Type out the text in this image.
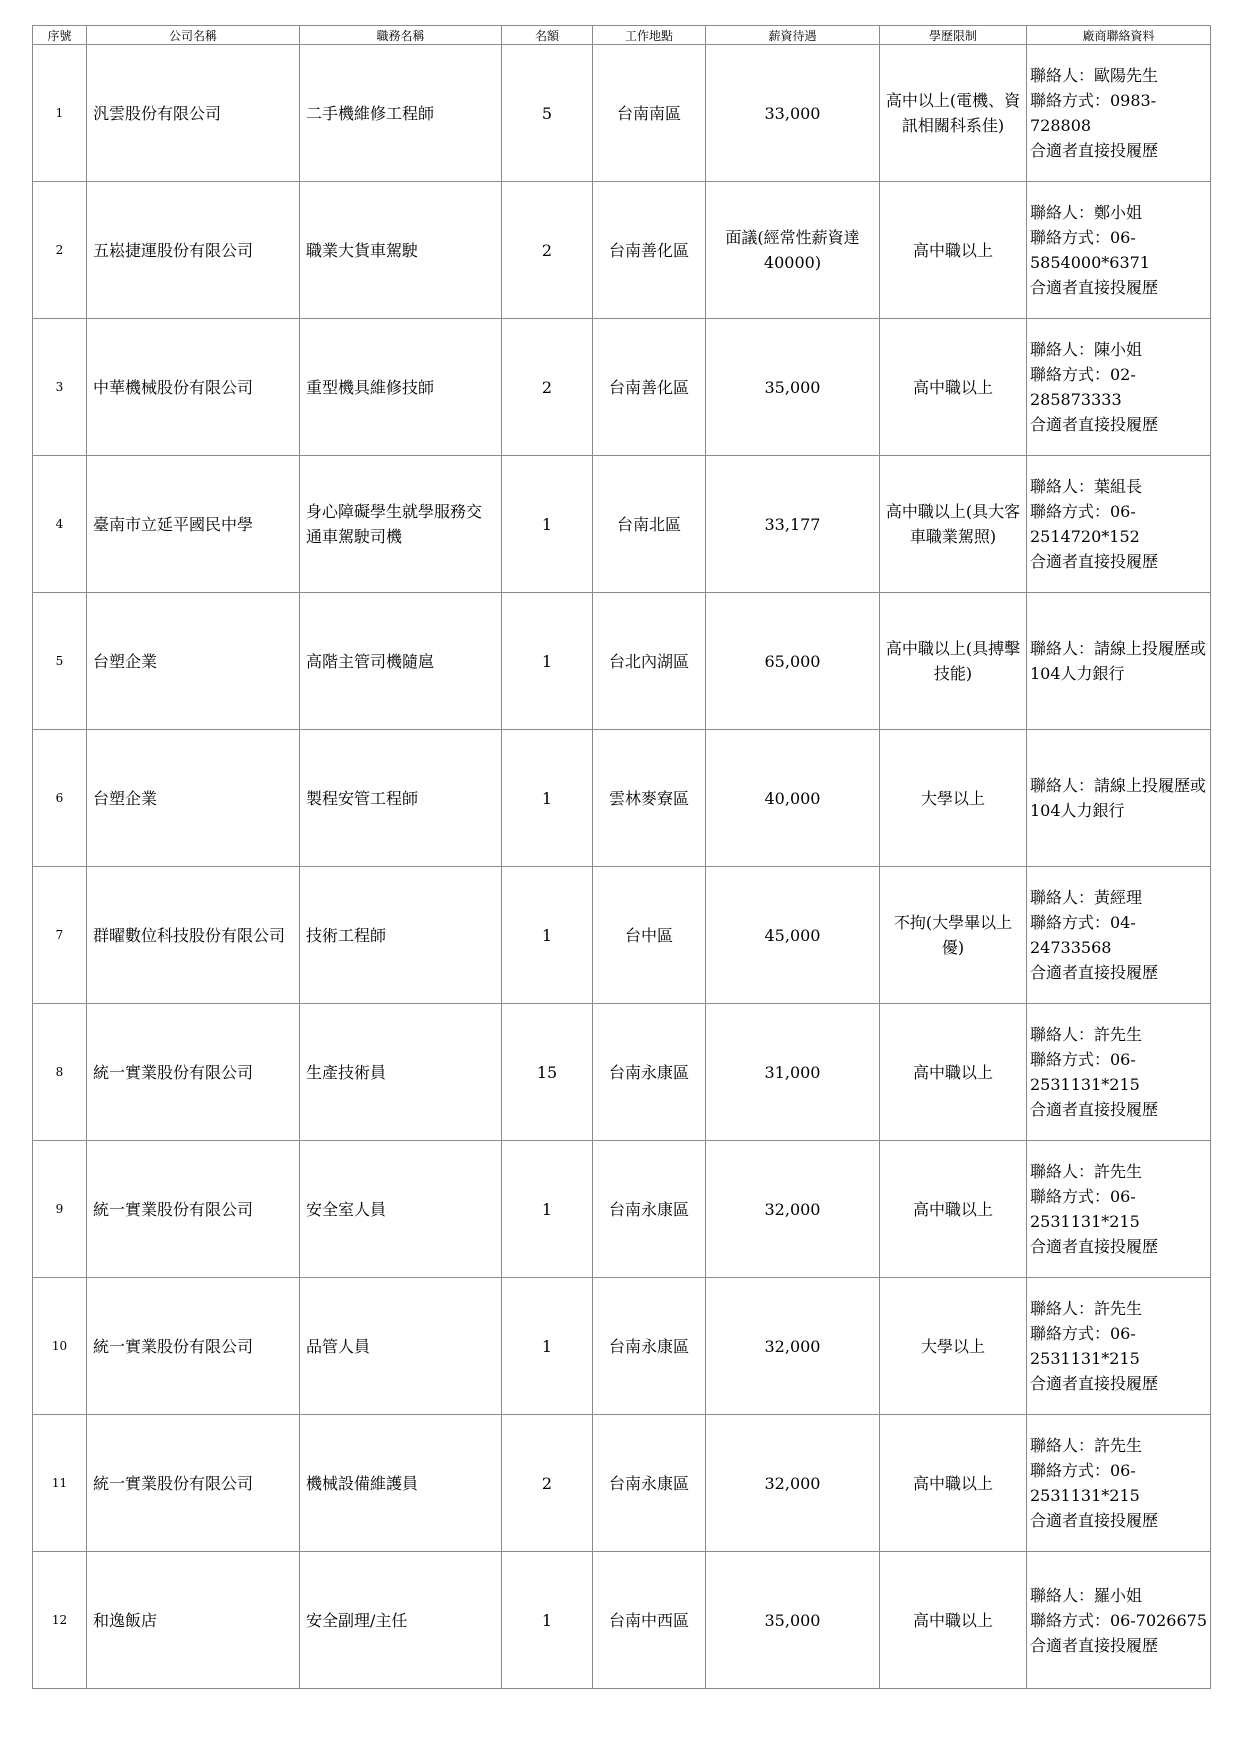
序號	公司名稱	職務名稱	名額	工作地點	薪資待遇	學歷限制	廠商聯絡資料
1	汎雲股份有限公司	二手機維修工程師	5	台南南區	33,000	高中以上(電機、資訊相關科系佳)	聯絡人：歐陽先生
聯絡方式：0983-728808
合適者直接投履歷

2	五崧捷運股份有限公司	職業大貨車駕駛	2	台南善化區	面議(經常性薪資達40000)	高中職以上	聯絡人：鄭小姐
聯絡方式：06-5854000*6371
合適者直接投履歷

3	中華機械股份有限公司	重型機具維修技師	2	台南善化區	35,000	高中職以上	聯絡人：陳小姐
聯絡方式：02-285873333
合適者直接投履歷

4	臺南市立延平國民中學	身心障礙學生就學服務交通車駕駛司機	1	台南北區	33,177	高中職以上(具大客車職業駕照)	聯絡人：葉組長
聯絡方式：06-2514720*152
合適者直接投履歷

5	台塑企業	高階主管司機隨扈	1	台北內湖區	65,000	高中職以上(具搏擊技能)	聯絡人：請線上投履歷或104人力銀行

6	台塑企業	製程安管工程師	1	雲林麥寮區	40,000	大學以上	聯絡人：請線上投履歷或104人力銀行

7	群曜數位科技股份有限公司	技術工程師	1	台中區	45,000	不拘(大學畢以上優)	聯絡人：黃經理
聯絡方式：04-24733568
合適者直接投履歷

8	統一實業股份有限公司	生產技術員	15	台南永康區	31,000	高中職以上	聯絡人：許先生
聯絡方式：06-2531131*215
合適者直接投履歷

9	統一實業股份有限公司	安全室人員	1	台南永康區	32,000	高中職以上	聯絡人：許先生
聯絡方式：06-2531131*215
合適者直接投履歷

10	統一實業股份有限公司	品管人員	1	台南永康區	32,000	大學以上	聯絡人：許先生
聯絡方式：06-2531131*215
合適者直接投履歷

11	統一實業股份有限公司	機械設備維護員	2	台南永康區	32,000	高中職以上	聯絡人：許先生
聯絡方式：06-2531131*215
合適者直接投履歷

12	和逸飯店	安全副理/主任	1	台南中西區	35,000	高中職以上	聯絡人：羅小姐
聯絡方式：06-7026675
合適者直接投履歷
